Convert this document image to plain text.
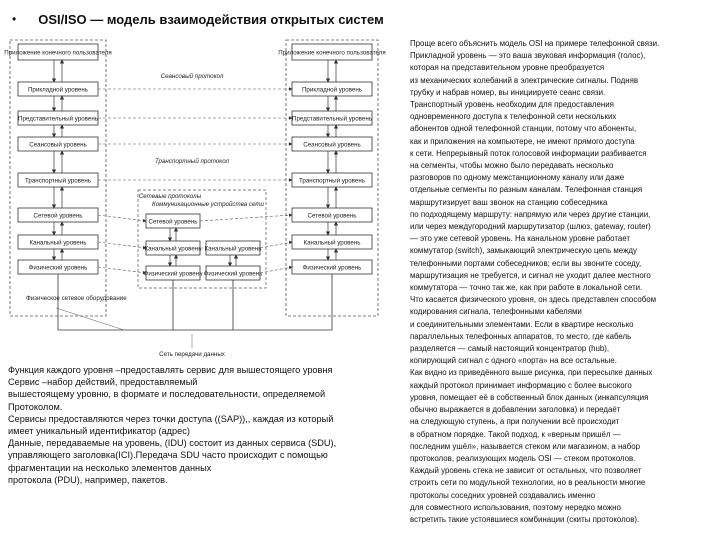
• OSI/ISO — модель взаимодействия открытых систем
Приложение конечного пользователя	Приложение конечного пользователя
Прикладной уровень
Представительный уровень
Сеансовый уровень
Транспортный уровень
Сетевой уровень
Канальный уровень
Физический уровень
Прикладной уровень
Представительный уровень
Сеансовый уровень
Транспортный уровень
Сетевой уровень
Канальный уровень
Физический уровень
Сеансовый протокол
Транспортный протокол
Сетевые протоколы
Коммуникационные устройства сети
Сетевой уровень
Канальный уровень
Физический уровень
Канальный уровень
Физический уровень
Физическое сетевое оборудование
Сеть передачи данных

Функция каждого уровня –предоставлять сервис для вышестоящего уровня

Сервис –набор действий, предоставляемый

вышестоящему уровню, в формате и последовательности, определяемой

Протоколом.

Сервисы предоставляются через точки доступа ((SAP)),, каждая из который

имеет уникальный идентификатор (адрес)

Данные, передаваемые на уровень, (IDU) состоит из данных сервиса (SDU),

управляющего заголовка(ICI).Передача SDU часто происходит с помощью

фрагментации на несколько элементов данных

протокола (PDU), например, пакетов.

Проще всего объяснить модель OSI на примере телефонной связи.

Прикладной уровень — это ваша звуковая информация (голос),

которая на представительном уровне преобразуется

из механических колебаний в электрические сигналы. Подняв

трубку и набрав номер, вы инициируете сеанс связи.

Транспортный уровень необходим для предоставления

одновременного доступа к телефонной сети нескольких

абонентов одной телефонной станции, потому что абоненты,

как и приложения на компьютере, не имеют прямого доступа

к сети. Непрерывный поток голосовой информации разбивается

на сегменты, чтобы можно было передавать несколько

разговоров по одному межстанционному каналу или даже

отдельные сегменты по разным каналам. Телефонная станция

маршрутизирует ваш звонок на станцию собеседника

по подходящему маршруту: напрямую или через другие станции,

или через междугородний маршрутизатор (шлюз, gateway, router)

— это уже сетевой уровень. На канальном уровне работает

коммутатор (switch), замыкающий электрическую цепь между

телефонными портами собеседников; если вы звоните соседу,

маршрутизация не требуется, и сигнал не уходит далее местного

коммутатора — точно так же, как при работе в локальной сети.

Что касается физического уровня, он здесь представлен способом

кодирования сигнала, телефонными кабелями

и соединительными элементами. Если в квартире несколько

параллельных телефонных аппаратов, то место, где кабель

разделяется — самый настоящий концентратор (hub),

копирующий сигнал с одного «порта» на все остальные.

Как видно из приведённого выше рисунка, при пересылке данных

каждый протокол принимает информацию с более высокого

уровня, помещает её в собственный блок данных (инкапсуляция

обычно выражается в добавлении заголовка) и передаёт

на следующую ступень, а при получении всё происходит

в обратном порядке. Такой подход, к «верным пришёл —

последним ушёл», называется стеком или магазином, а набор

протоколов, реализующих модель OSI — стеком протоколов.

Каждый уровень стека не зависит от остальных, что позволяет

строить сети по модульной технологии, но в реальности многие

протоколы соседних уровней создавались именно

для совместного использования, поэтому нередко можно

встретить такие устоявшиеся комбинации (скиты протоколов).
